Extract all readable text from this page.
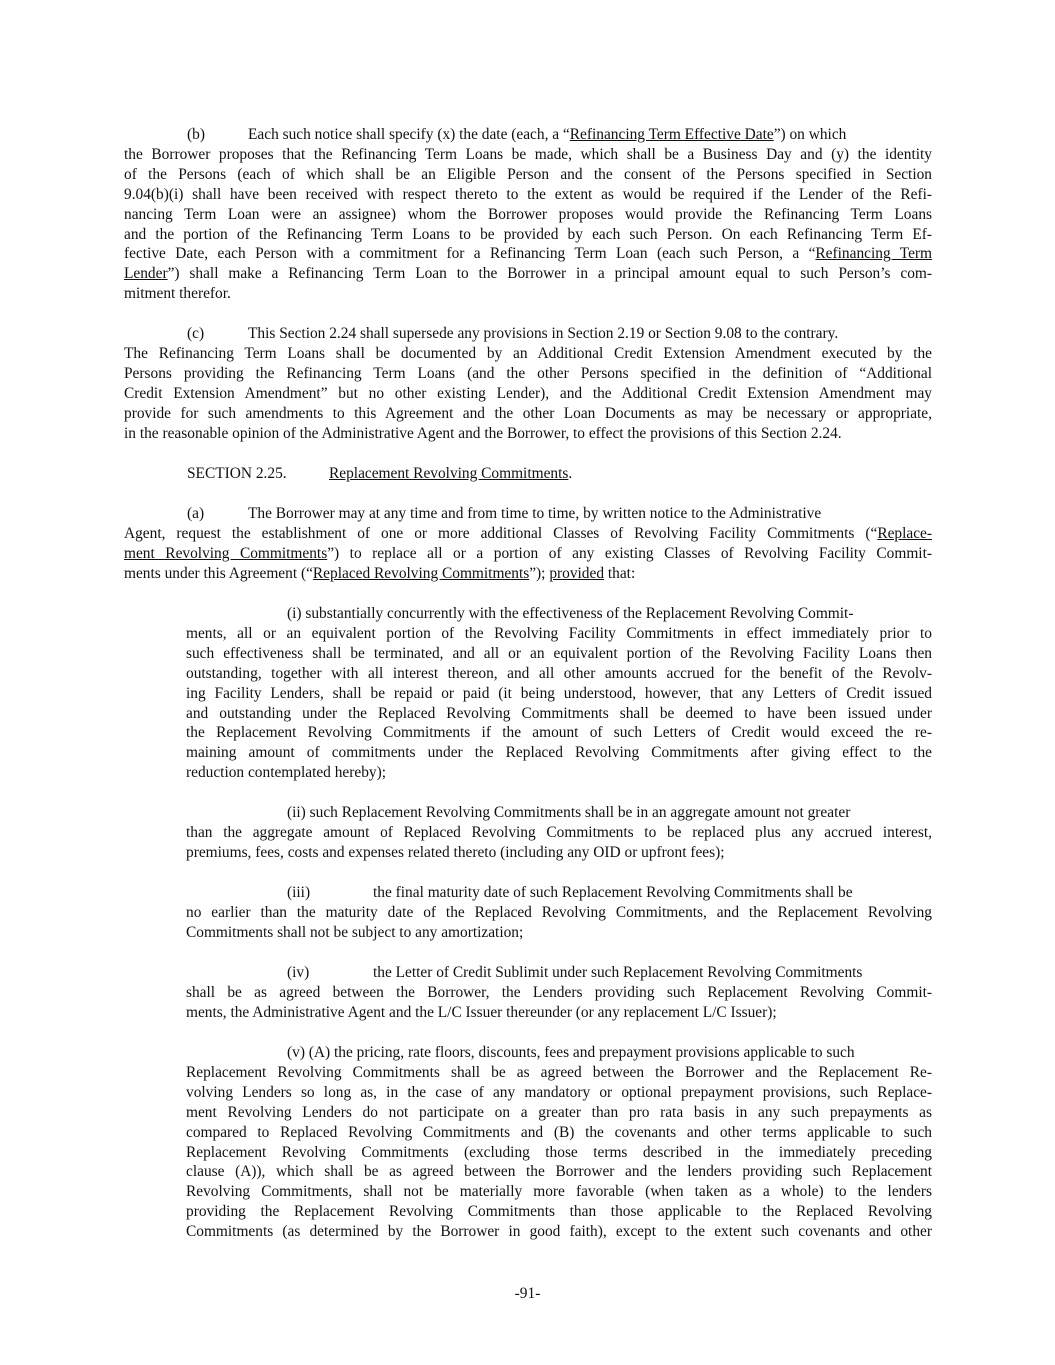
(b)	Each such notice shall specify (x) the date (each, a “Refinancing Term Effective Date”) on which
the Borrower proposes that the Refinancing Term Loans be made, which shall be a Business Day and (y) the identity
of the Persons (each of which shall be an Eligible Person and the consent of the Persons specified in Section
9.04(b)(i) shall have been received with respect thereto to the extent as would be required if the Lender of the Refi-
nancing Term Loan were an assignee) whom the Borrower proposes would provide the Refinancing Term Loans
and the portion of the Refinancing Term Loans to be provided by each such Person. On each Refinancing Term Ef-
fective Date, each Person with a commitment for a Refinancing Term Loan (each such Person, a “Refinancing Term
Lender”) shall make a Refinancing Term Loan to the Borrower in a principal amount equal to such Person’s com-
mitment therefor.
(c)	This Section 2.24 shall supersede any provisions in Section 2.19 or Section 9.08 to the contrary.
The Refinancing Term Loans shall be documented by an Additional Credit Extension Amendment executed by the
Persons providing the Refinancing Term Loans (and the other Persons specified in the definition of “Additional
Credit Extension Amendment” but no other existing Lender), and the Additional Credit Extension Amendment may
provide for such amendments to this Agreement and the other Loan Documents as may be necessary or appropriate,
in the reasonable opinion of the Administrative Agent and the Borrower, to effect the provisions of this Section 2.24.
SECTION 2.25.	Replacement Revolving Commitments.
(a)	The Borrower may at any time and from time to time, by written notice to the Administrative
Agent, request the establishment of one or more additional Classes of Revolving Facility Commitments (“Replace-
ment Revolving Commitments”) to replace all or a portion of any existing Classes of Revolving Facility Commit-
ments under this Agreement (“Replaced Revolving Commitments”); provided that:
(i) substantially concurrently with the effectiveness of the Replacement Revolving Commit-
ments, all or an equivalent portion of the Revolving Facility Commitments in effect immediately prior to
such effectiveness shall be terminated, and all or an equivalent portion of the Revolving Facility Loans then
outstanding, together with all interest thereon, and all other amounts accrued for the benefit of the Revolv-
ing Facility Lenders, shall be repaid or paid (it being understood, however, that any Letters of Credit issued
and outstanding under the Replaced Revolving Commitments shall be deemed to have been issued under
the Replacement Revolving Commitments if the amount of such Letters of Credit would exceed the re-
maining amount of commitments under the Replaced Revolving Commitments after giving effect to the
reduction contemplated hereby);
(ii) such Replacement Revolving Commitments shall be in an aggregate amount not greater
than the aggregate amount of Replaced Revolving Commitments to be replaced plus any accrued interest,
premiums, fees, costs and expenses related thereto (including any OID or upfront fees);
(iii)	the final maturity date of such Replacement Revolving Commitments shall be
no earlier than the maturity date of the Replaced Revolving Commitments, and the Replacement Revolving
Commitments shall not be subject to any amortization;
(iv)	the Letter of Credit Sublimit under such Replacement Revolving Commitments
shall be as agreed between the Borrower, the Lenders providing such Replacement Revolving Commit-
ments, the Administrative Agent and the L/C Issuer thereunder (or any replacement L/C Issuer);
(v) (A) the pricing, rate floors, discounts, fees and prepayment provisions applicable to such
Replacement Revolving Commitments shall be as agreed between the Borrower and the Replacement Re-
volving Lenders so long as, in the case of any mandatory or optional prepayment provisions, such Replace-
ment Revolving Lenders do not participate on a greater than pro rata basis in any such prepayments as
compared to Replaced Revolving Commitments and (B) the covenants and other terms applicable to such
Replacement Revolving Commitments (excluding those terms described in the immediately preceding
clause (A)), which shall be as agreed between the Borrower and the lenders providing such Replacement
Revolving Commitments, shall not be materially more favorable (when taken as a whole) to the lenders
providing the Replacement Revolving Commitments than those applicable to the Replaced Revolving
Commitments (as determined by the Borrower in good faith), except to the extent such covenants and other
-91-
